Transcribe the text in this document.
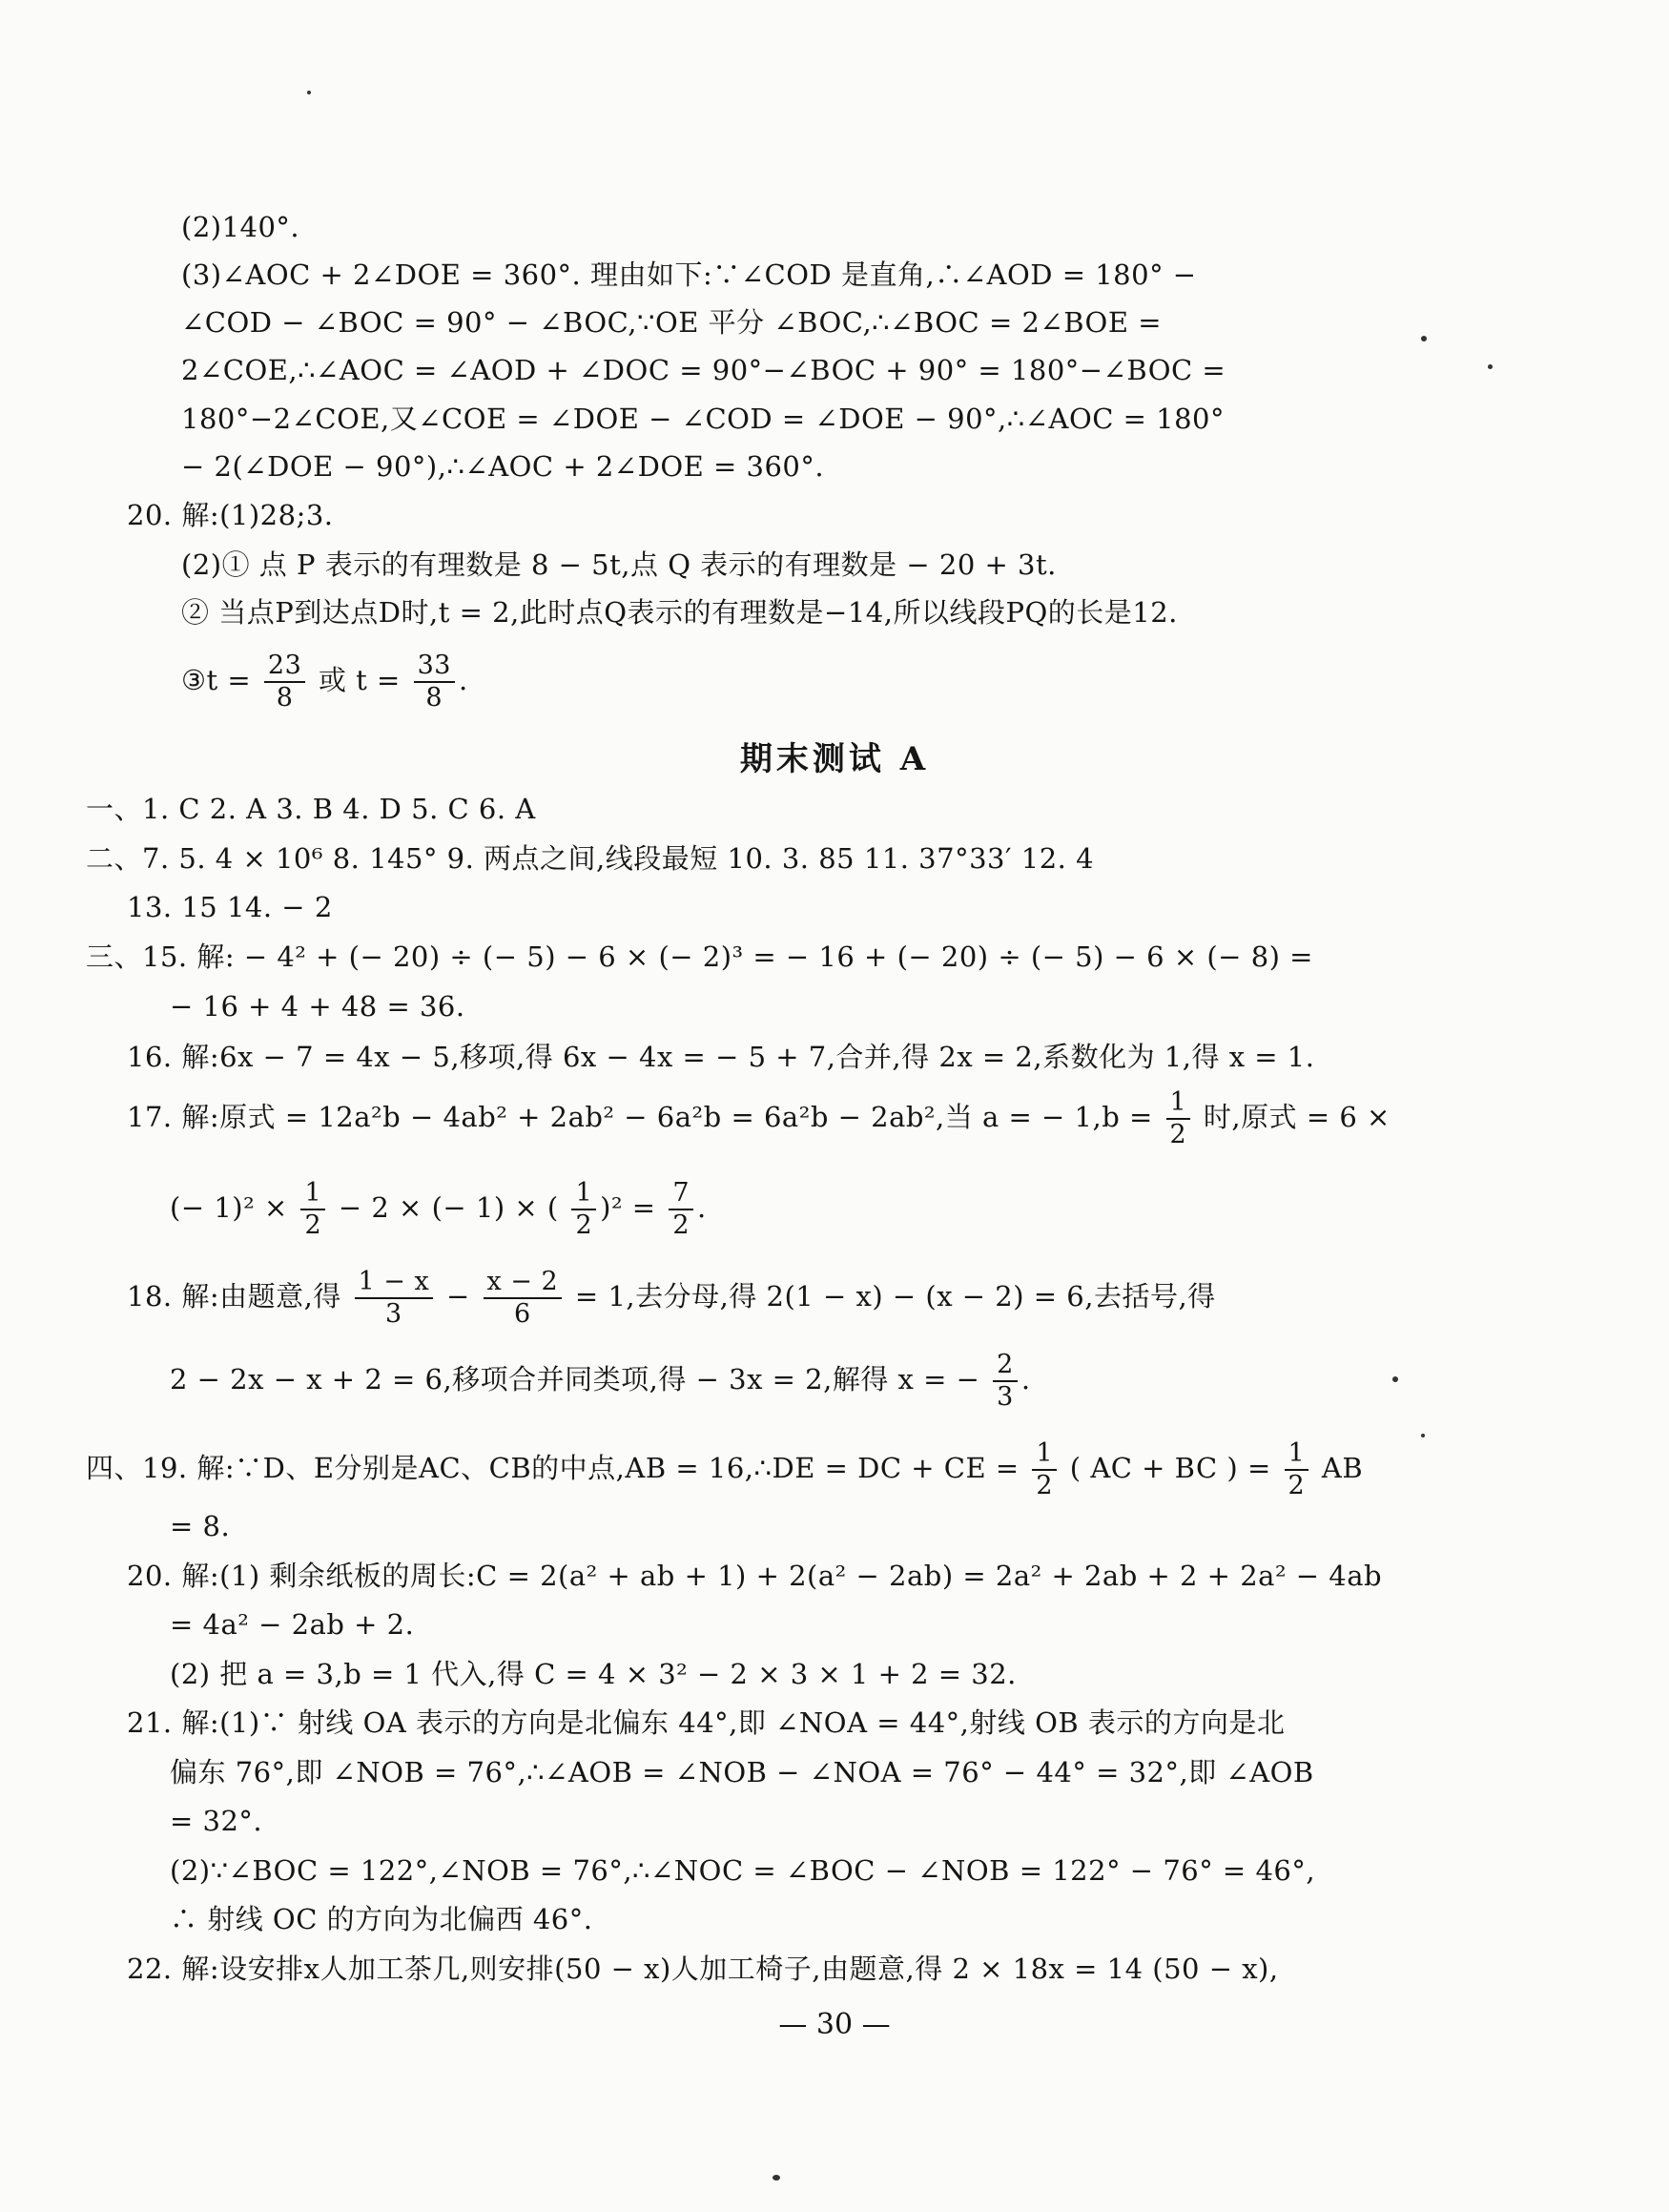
(2)140°.
(3)∠AOC + 2∠DOE = 360°. 理由如下:∵∠COD 是直角,∴∠AOD = 180° −
∠COD − ∠BOC = 90° − ∠BOC,∵OE 平分 ∠BOC,∴∠BOC = 2∠BOE =
2∠COE,∴∠AOC = ∠AOD + ∠DOC = 90°−∠BOC + 90° = 180°−∠BOC =
180°−2∠COE,又∠COE = ∠DOE − ∠COD = ∠DOE − 90°,∴∠AOC = 180°
− 2(∠DOE − 90°),∴∠AOC + 2∠DOE = 360°.
20. 解:(1)28;3.
(2)① 点 P 表示的有理数是 8 − 5t,点 Q 表示的有理数是 − 20 + 3t.
② 当点P到达点D时,t = 2,此时点Q表示的有理数是−14,所以线段PQ的长是12.
③t = $\frac{23}{8}$ 或 $t = \frac{33}{8}$ .
期末测试 A
一、1. C 2. A 3. B 4. D 5. C 6. A
二、7. 5. 4 × 10⁶ 8. 145° 9. 两点之间,线段最短 10. 3. 85 11. 37°33′ 12. 4
13. 15 14. − 2
三、15. 解: − 4² + (− 20) ÷ (− 5) − 6 × (− 2)³ = − 16 + (− 20) ÷ (− 5) − 6 × (− 8) =
− 16 + 4 + 48 = 36.
16. 解:6x − 7 = 4x − 5,移项,得 6x − 4x = − 5 + 7,合并,得 2x = 2,系数化为 1,得 x = 1.
17. 解:原式 = 12a²b − 4ab² + 2ab² − 6a²b = 6a²b − 2ab²,当 a = − $1,b = \frac{1}{2}$ 时,原式 = 6 ×
(− $1)^2 \times \frac{1}{2} - 2$ × (− 1) × ( $\frac{1}{2} )^2 = \frac{7}{2}$ .
18. 解:由题意,得 $\frac{1 - x}{3} - \frac{x - 2}{6} = 1$,去分母,得 2(1 − x) − (x − 2) = 6,去括号,得
2 − 2x − x + 2 = 6,移项合并同类项,得 − 3x = 2,解得 x = − $\frac{2}{3}$ .
四、19. 解:∵D、E分别是AC、CB的中点,AB = 16,∴DE = DC + CE = $\frac{1}{2}$ ( AC + BC ) = $\frac{1}{2}$ AB
= 8.
20. 解:(1) 剩余纸板的周长:C = 2(a² + ab + 1) + 2(a² − 2ab) = 2a² + 2ab + 2 + 2a² − 4ab
= 4a² − 2ab + 2.
(2) 把 a = 3,b = 1 代入,得 C = 4 × 3² − 2 × 3 × 1 + 2 = 32.
21. 解:(1)∵ 射线 OA 表示的方向是北偏东 44°,即 ∠NOA = 44°,射线 OB 表示的方向是北
偏东 76°,即 ∠NOB = 76°,∴∠AOB = ∠NOB − ∠NOA = 76° − 44° = 32°,即 ∠AOB
= 32°.
(2)∵∠BOC = 122°,∠NOB = 76°,∴∠NOC = ∠BOC − ∠NOB = 122° − 76° = 46°,
∴ 射线 OC 的方向为北偏西 46°.
22. 解:设安排x人加工茶几,则安排(50 − x)人加工椅子,由题意,得 2 × 18x = 14 (50 − x),
— 30 —
